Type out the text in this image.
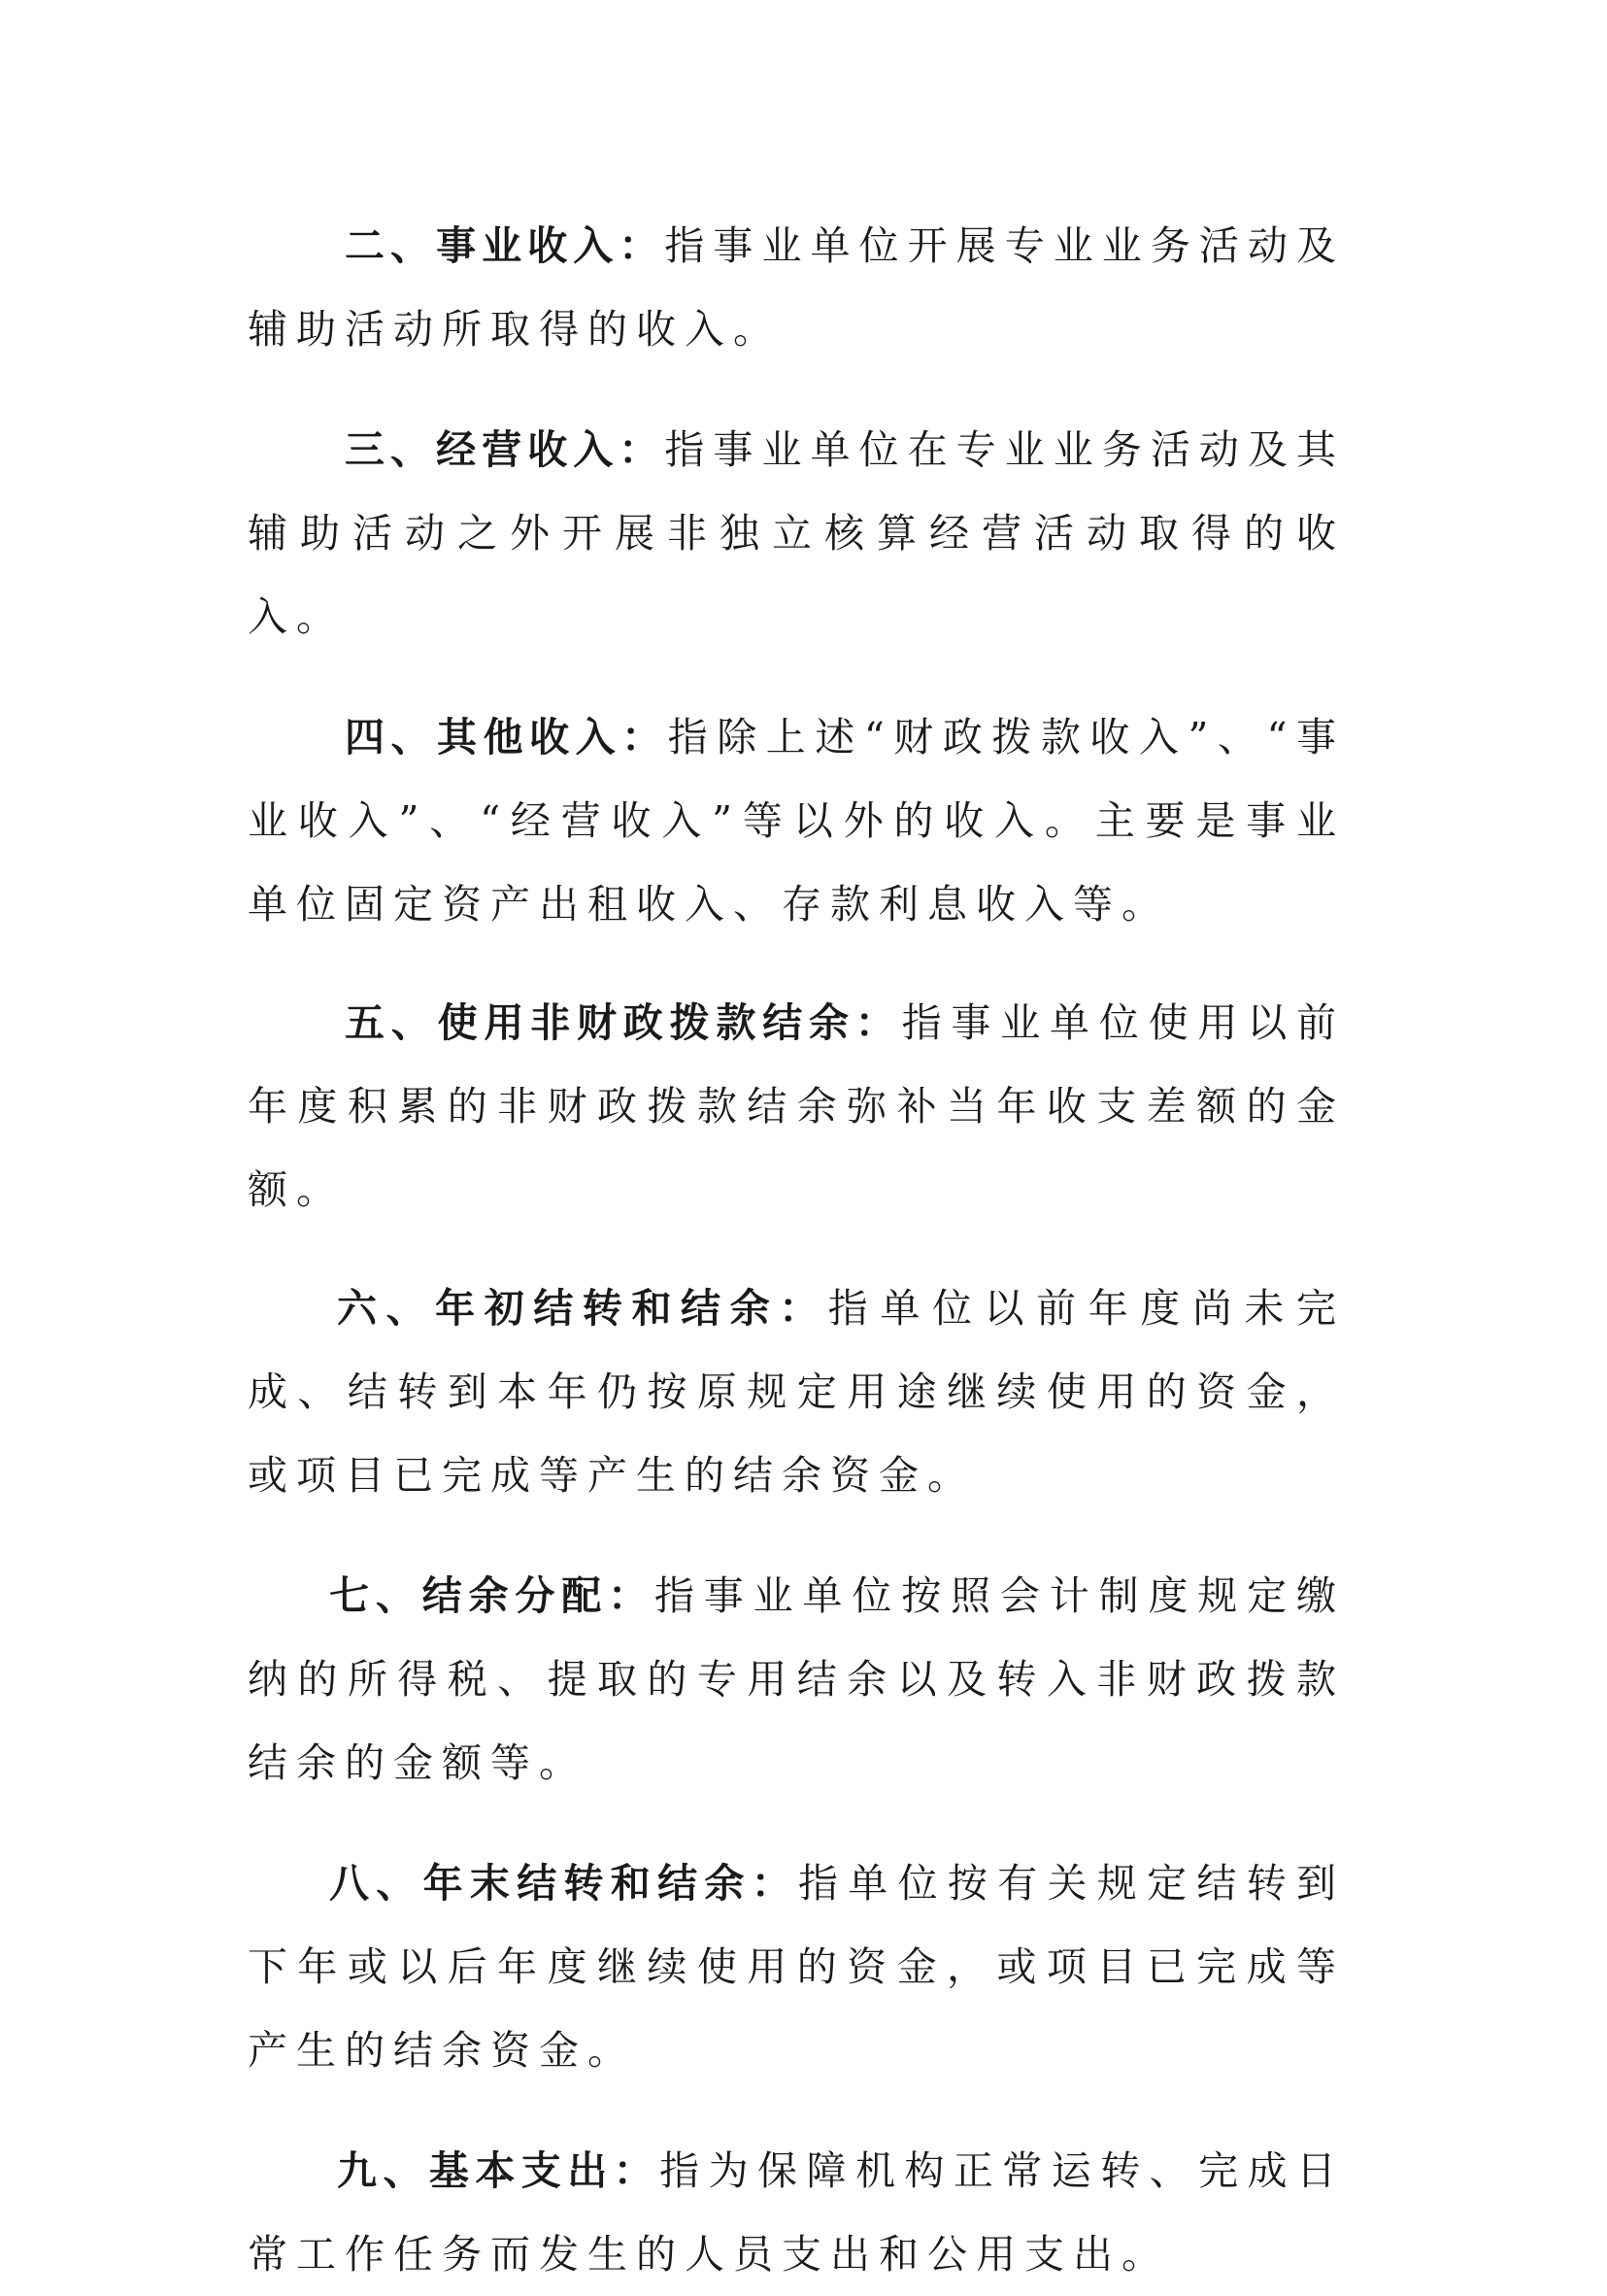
二、事业收入：指事业单位开展专业业务活动及辅助活动所取得的收入。

三、经营收入：指事业单位在专业业务活动及其辅助活动之外开展非独立核算经营活动取得的收入。

四、其他收入：指除上述“财政拨款收入”、“事业收入”、“经营收入”等以外的收入。主要是事业单位固定资产出租收入、存款利息收入等。

五、使用非财政拨款结余：指事业单位使用以前年度积累的非财政拨款结余弥补当年收支差额的金额。

六、年初结转和结余：指单位以前年度尚未完成、结转到本年仍按原规定用途继续使用的资金，或项目已完成等产生的结余资金。

七、结余分配：指事业单位按照会计制度规定缴纳的所得税、提取的专用结余以及转入非财政拨款结余的金额等。

八、年末结转和结余：指单位按有关规定结转到下年或以后年度继续使用的资金，或项目已完成等产生的结余资金。

九、基本支出：指为保障机构正常运转、完成日常工作任务而发生的人员支出和公用支出。
